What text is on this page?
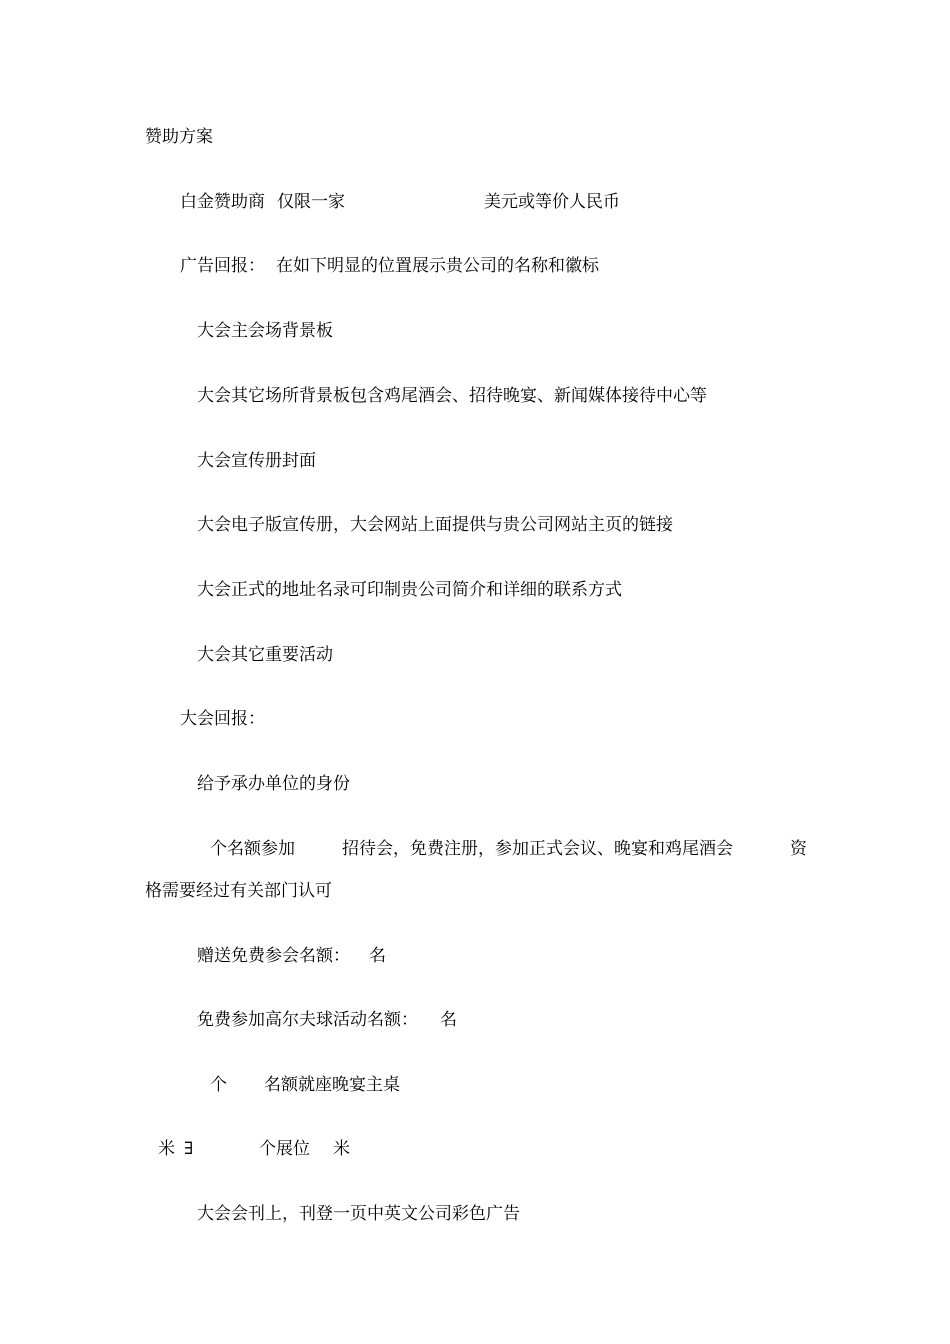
赞助方案

白金赞助商 仅限一家	美元或等价人民币

广告回报： 在如下明显的位置展示贵公司的名称和徽标

大会主会场背景板

大会其它场所背景板包含鸡尾酒会、招待晚宴、新闻媒体接待中心等

大会宣传册封面

大会电子版宣传册，大会网站上面提供与贵公司网站主页的链接

大会正式的地址名录可印制贵公司简介和详细的联系方式

大会其它重要活动

大会回报：

给予承办单位的身份

个名额参加	招待会，免费注册，参加正式会议、晚宴和鸡尾酒会	资

格需要经过有关部门认可

赠送免费参会名额： 名

免费参加高尔夫球活动名额： 名

个 名额就座晚宴主桌

米 ∃	个展位 米

大会会刊上，刊登一页中英文公司彩色广告
